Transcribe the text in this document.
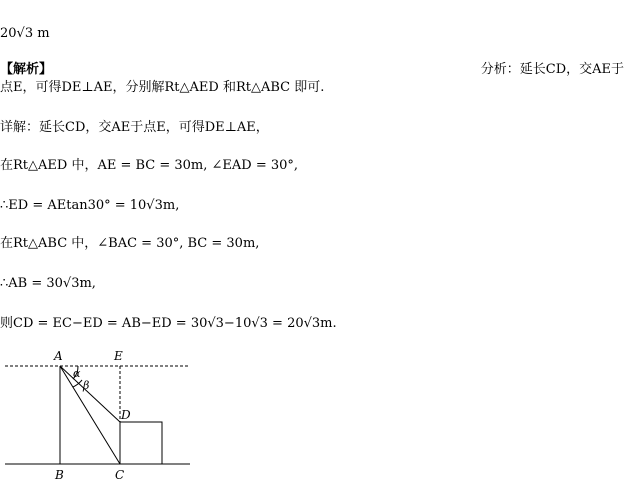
20√3 m
【解析】	分析：延长CD，交AE于
点E，可得DE⊥AE，分别解Rt△AED 和Rt△ABC 即可.
详解：延长CD，交AE于点E，可得DE⊥AE，
在Rt△AED 中，AE = BC = 30m, ∠EAD = 30°,
∴ED = AEtan30° = 10√3m,
在Rt△ABC 中，∠BAC = 30°, BC = 30m,
∴AB = 30√3m,
则CD = EC−ED = AB−ED = 30√3−10√3 = 20√3m.
A	E
D
B	C
α
β
